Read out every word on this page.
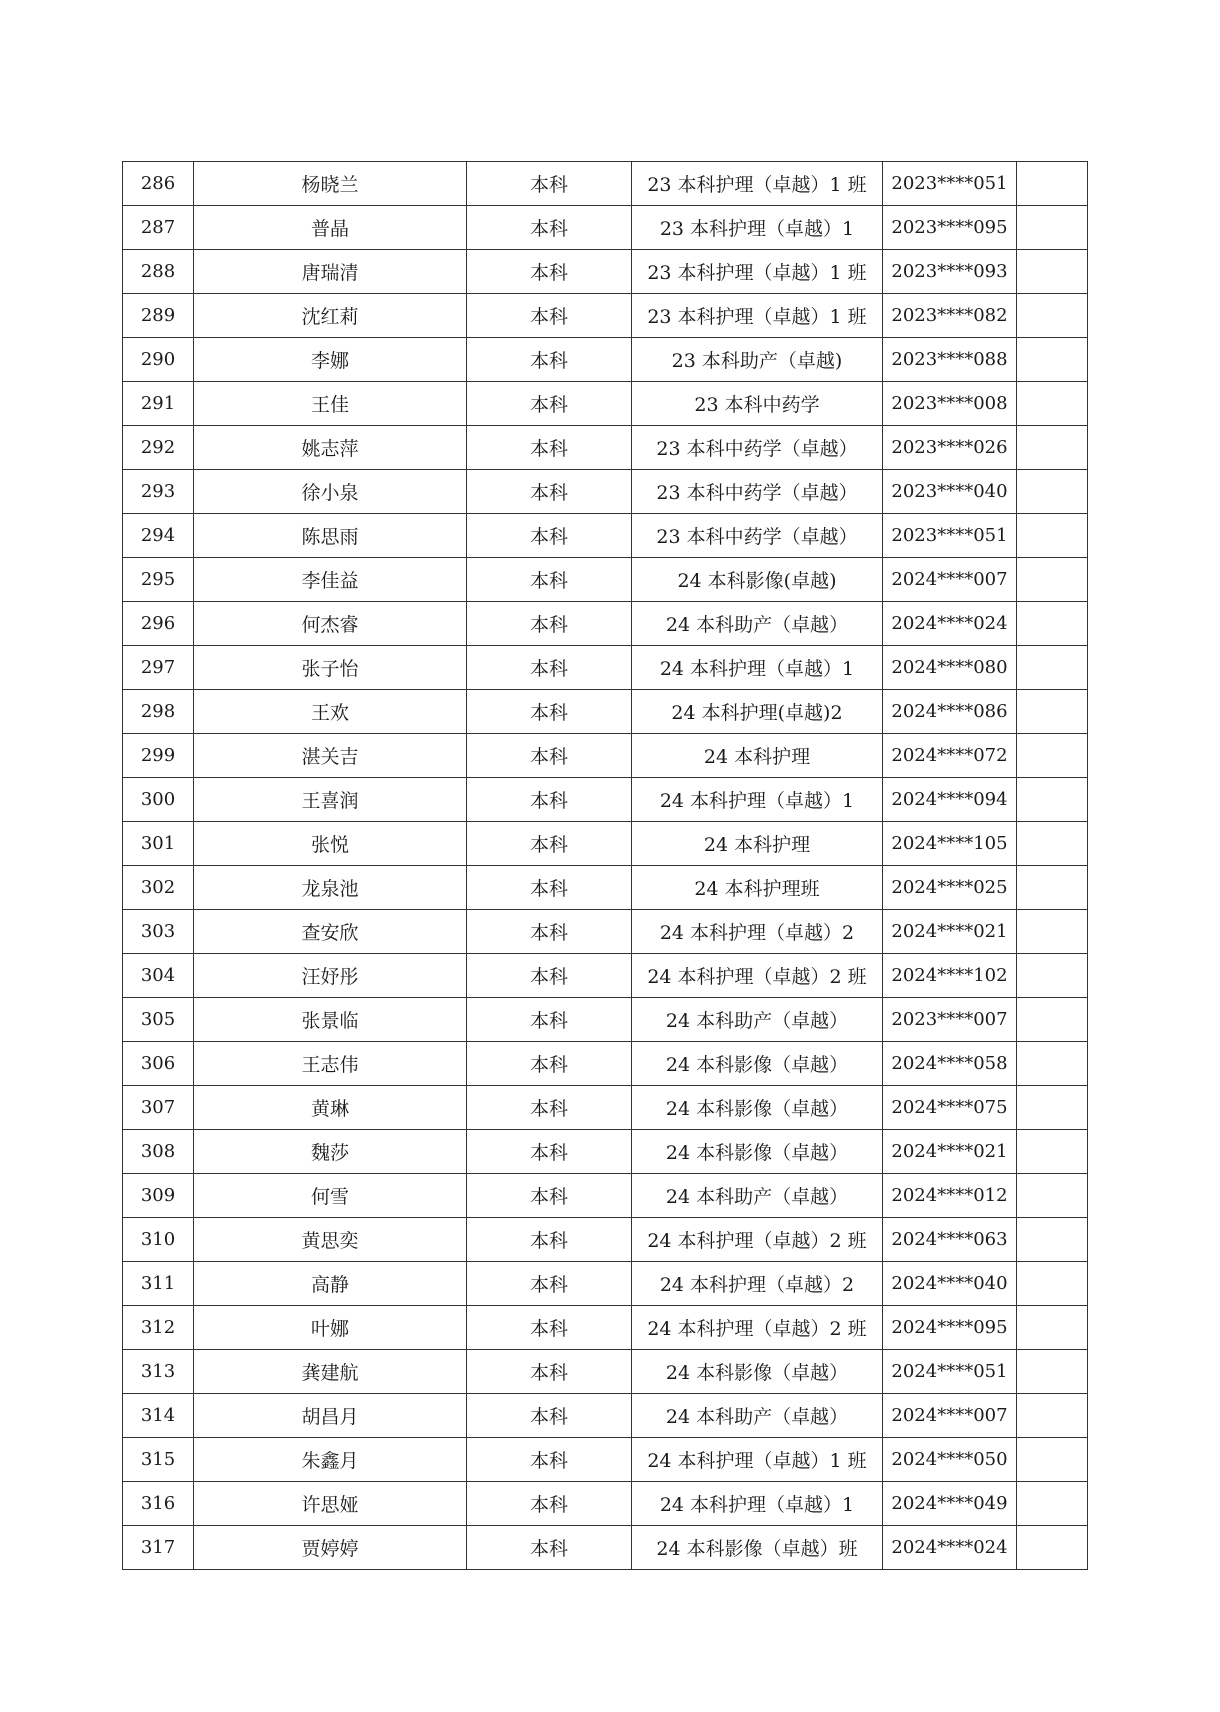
286	杨晓兰	本科	23 本科护理（卓越）1 班	2023****051	
287	普晶	本科	23 本科护理（卓越）1	2023****095	
288	唐瑞清	本科	23 本科护理（卓越）1 班	2023****093	
289	沈红莉	本科	23 本科护理（卓越）1 班	2023****082	
290	李娜	本科	23 本科助产（卓越)	2023****088	
291	王佳	本科	23 本科中药学	2023****008	
292	姚志萍	本科	23 本科中药学（卓越）	2023****026	
293	徐小泉	本科	23 本科中药学（卓越）	2023****040	
294	陈思雨	本科	23 本科中药学（卓越）	2023****051	
295	李佳益	本科	24 本科影像(卓越)	2024****007	
296	何杰睿	本科	24 本科助产（卓越）	2024****024	
297	张子怡	本科	24 本科护理（卓越）1	2024****080	
298	王欢	本科	24 本科护理(卓越)2	2024****086	
299	湛关吉	本科	24 本科护理	2024****072	
300	王喜润	本科	24 本科护理（卓越）1	2024****094	
301	张悦	本科	24 本科护理	2024****105	
302	龙泉池	本科	24 本科护理班	2024****025	
303	查安欣	本科	24 本科护理（卓越）2	2024****021	
304	汪妤彤	本科	24 本科护理（卓越）2 班	2024****102	
305	张景临	本科	24 本科助产（卓越）	2023****007	
306	王志伟	本科	24 本科影像（卓越）	2024****058	
307	黄琳	本科	24 本科影像（卓越）	2024****075	
308	魏莎	本科	24 本科影像（卓越）	2024****021	
309	何雪	本科	24 本科助产（卓越）	2024****012	
310	黄思奕	本科	24 本科护理（卓越）2 班	2024****063	
311	高静	本科	24 本科护理（卓越）2	2024****040	
312	叶娜	本科	24 本科护理（卓越）2 班	2024****095	
313	龚建航	本科	24 本科影像（卓越）	2024****051	
314	胡昌月	本科	24 本科助产（卓越）	2024****007	
315	朱鑫月	本科	24 本科护理（卓越）1 班	2024****050	
316	许思娅	本科	24 本科护理（卓越）1	2024****049	
317	贾婷婷	本科	24 本科影像（卓越）班	2024****024	
